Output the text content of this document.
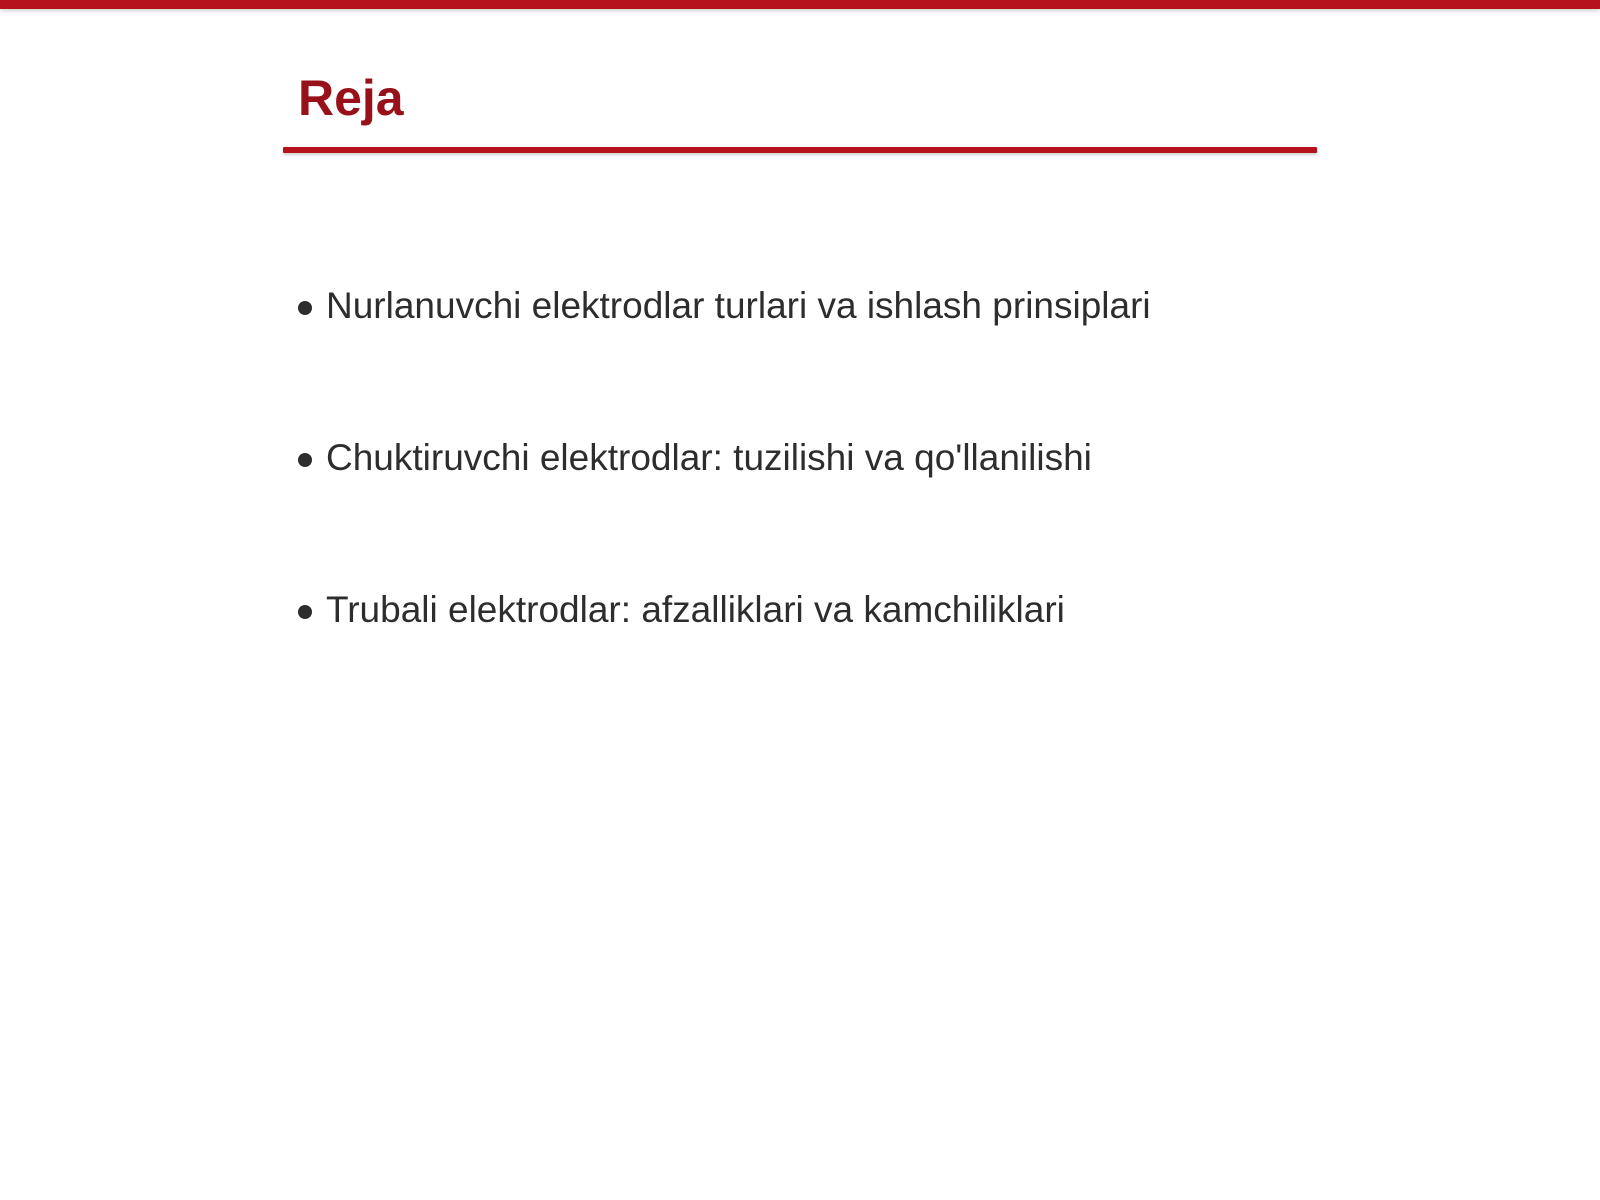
Reja
Nurlanuvchi elektrodlar turlari va ishlash prinsiplari
Chuktiruvchi elektrodlar: tuzilishi va qo'llanilishi
Trubali elektrodlar: afzalliklari va kamchiliklari
